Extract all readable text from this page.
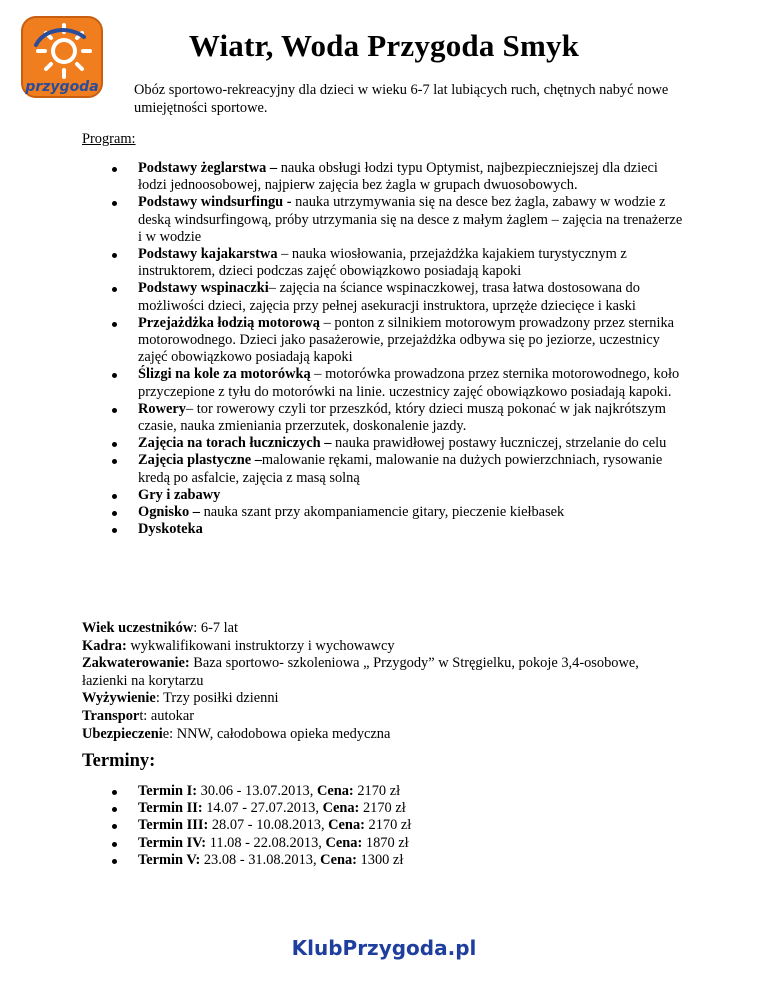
przygoda
Wiatr, Woda Przygoda Smyk

Obóz sportowo-rekreacyjny dla dzieci w wieku 6-7 lat lubiących ruch, chętnych nabyć nowe umiejętności sportowe.

Program:

Podstawy żeglarstwa – nauka obsługi łodzi typu Optymist, najbezpieczniejszej dla dzieci łodzi jednoosobowej, najpierw zajęcia bez żagla w grupach dwuosobowych.
Podstawy windsurfingu - nauka utrzymywania się na desce bez żagla, zabawy w wodzie z deską windsurfingową, próby utrzymania się na desce z małym żaglem – zajęcia na trenażerze i w wodzie
Podstawy kajakarstwa – nauka wiosłowania, przejażdżka kajakiem turystycznym z instruktorem, dzieci podczas zajęć obowiązkowo posiadają kapoki
Podstawy wspinaczki– zajęcia na ściance wspinaczkowej, trasa łatwa dostosowana do możliwości dzieci, zajęcia przy pełnej asekuracji instruktora, uprzęże dziecięce i kaski
Przejażdżka łodzią motorową – ponton z silnikiem motorowym prowadzony przez sternika motorowodnego. Dzieci jako pasażerowie, przejażdżka odbywa się po jeziorze, uczestnicy zajęć obowiązkowo posiadają kapoki
Ślizgi na kole za motorówką – motorówka prowadzona przez sternika motorowodnego, koło przyczepione z tyłu do motorówki na linie. uczestnicy zajęć obowiązkowo posiadają kapoki.
Rowery– tor rowerowy czyli tor przeszkód, który dzieci muszą pokonać w jak najkrótszym czasie, nauka zmieniania przerzutek, doskonalenie jazdy.
Zajęcia na torach łuczniczych – nauka prawidłowej postawy łuczniczej, strzelanie do celu
Zajęcia plastyczne –malowanie rękami, malowanie na dużych powierzchniach, rysowanie kredą po asfalcie, zajęcia z masą solną
Gry i zabawy
Ognisko – nauka szant przy akompaniamencie gitary, pieczenie kiełbasek
Dyskoteka

Wiek uczestników: 6-7 lat

Kadra: wykwalifikowani instruktorzy i wychowawcy

Zakwaterowanie: Baza sportowo- szkoleniowa „ Przygody” w Stręgielku, pokoje 3,4-osobowe, łazienki na korytarzu

Wyżywienie: Trzy posiłki dzienni

Transport: autokar

Ubezpieczenie: NNW, całodobowa opieka medyczna

Terminy:
Termin I: 30.06 - 13.07.2013, Cena: 2170 zł
Termin II: 14.07 - 27.07.2013, Cena: 2170 zł
Termin III: 28.07 - 10.08.2013, Cena: 2170 zł
Termin IV: 11.08 - 22.08.2013, Cena: 1870 zł
Termin V: 23.08 - 31.08.2013, Cena: 1300 zł
KlubPrzygoda.pl
